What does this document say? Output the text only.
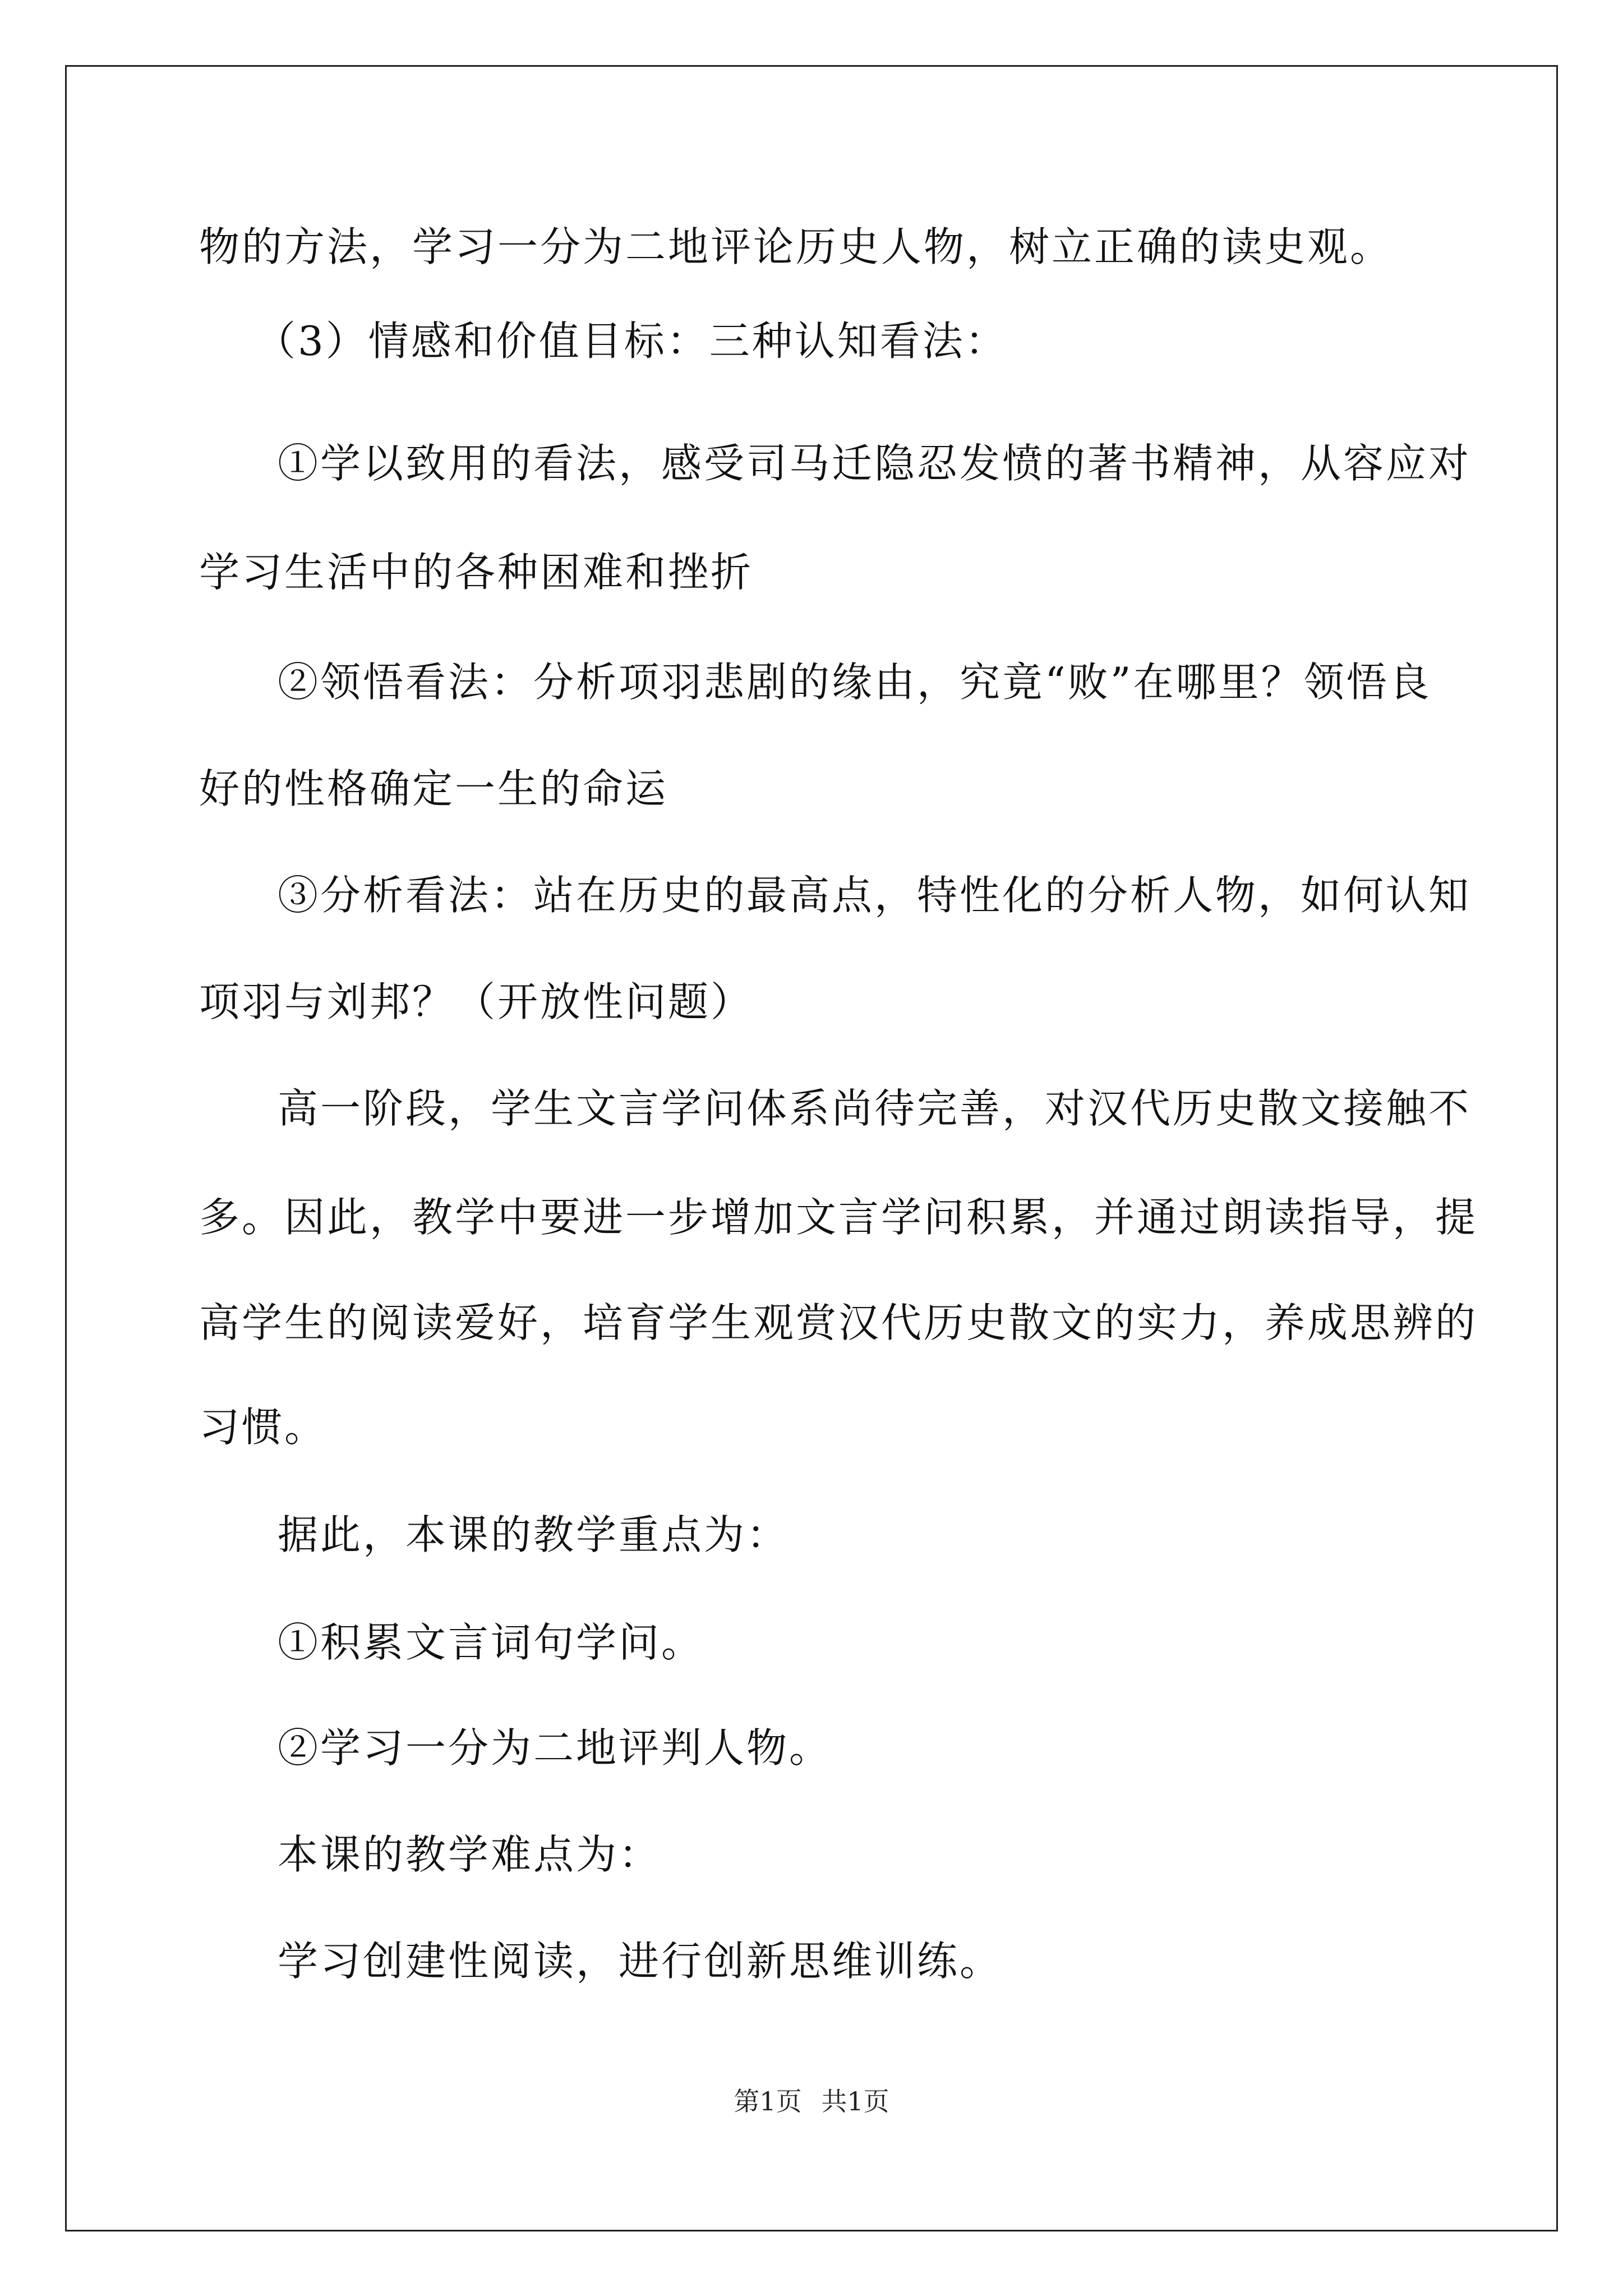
物的方法，学习一分为二地评论历史人物，树立正确的读史观。
（3）情感和价值目标：三种认知看法：
①学以致用的看法，感受司马迁隐忍发愤的著书精神，从容应对
学习生活中的各种困难和挫折
②领悟看法：分析项羽悲剧的缘由，究竟“败”在哪里？领悟良
好的性格确定一生的命运
③分析看法：站在历史的最高点，特性化的分析人物，如何认知
项羽与刘邦？（开放性问题）
高一阶段，学生文言学问体系尚待完善，对汉代历史散文接触不
多。因此，教学中要进一步增加文言学问积累，并通过朗读指导，提
高学生的阅读爱好，培育学生观赏汉代历史散文的实力，养成思辨的
习惯。
据此，本课的教学重点为：
①积累文言词句学问。
②学习一分为二地评判人物。
本课的教学难点为：
学习创建性阅读，进行创新思维训练。
第1页 共1页
